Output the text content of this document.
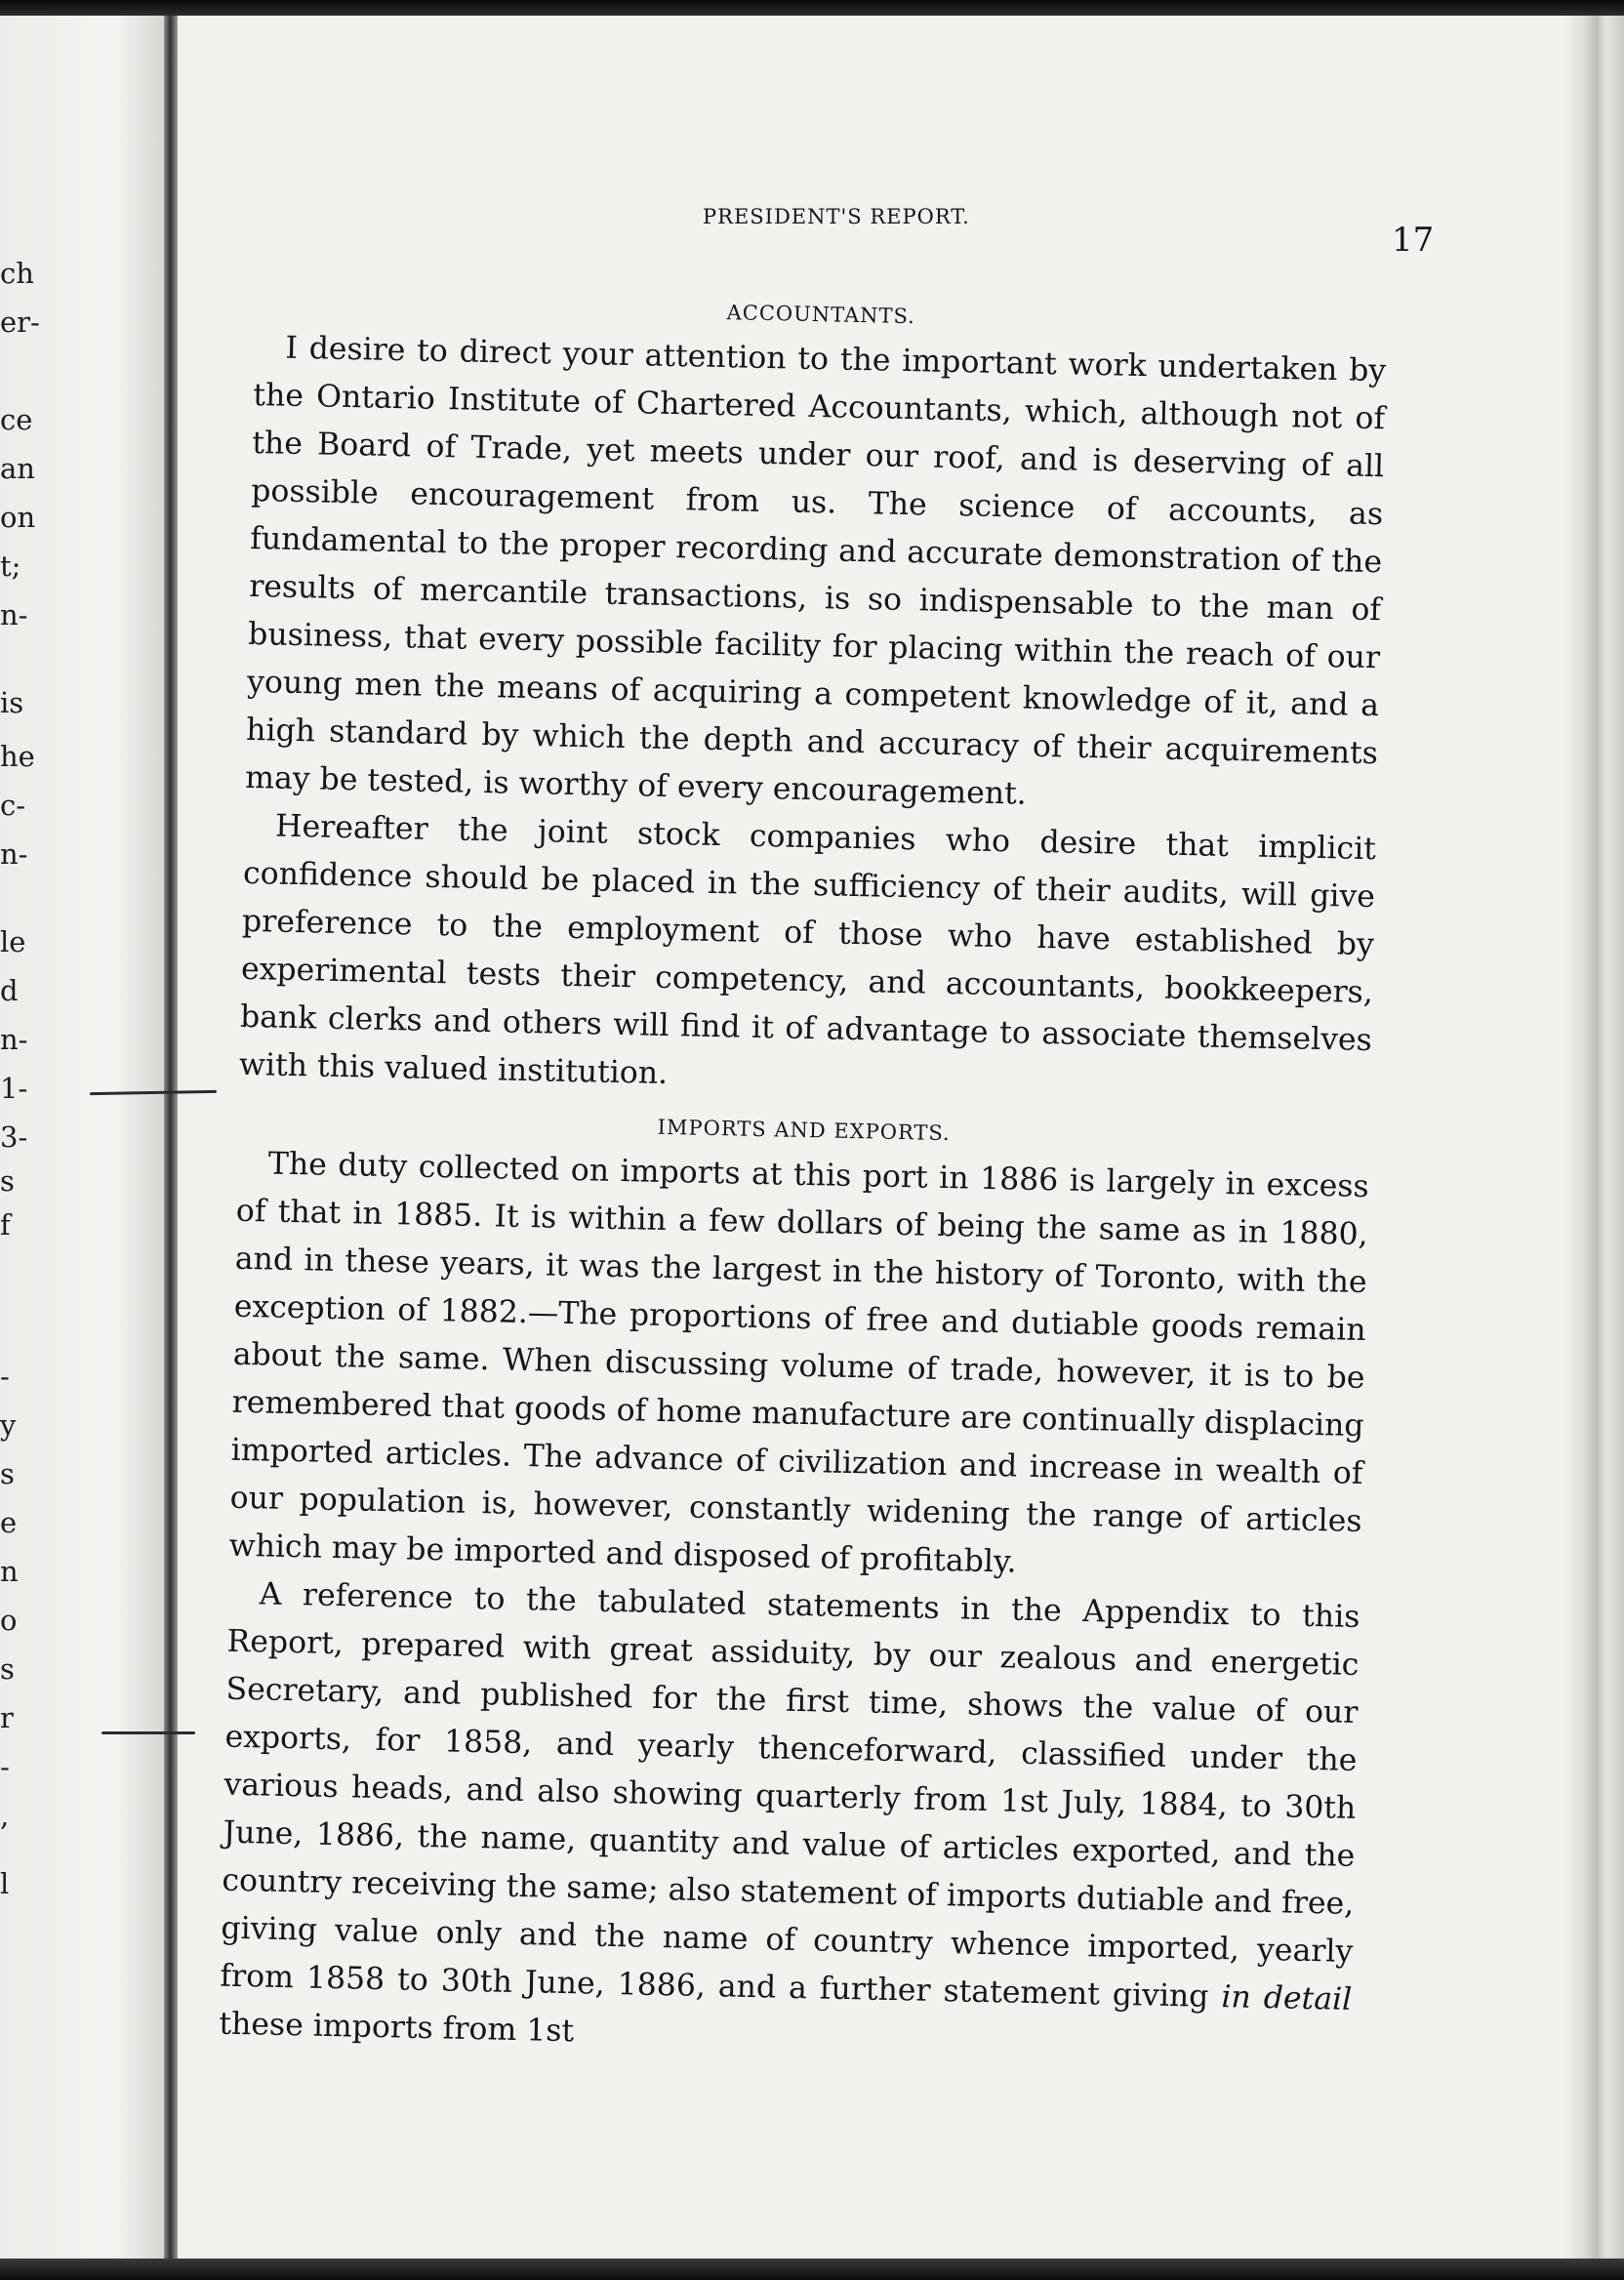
ch

er-

ce

an

on

t;

n-

is

he

c-

n-

le

d

n-

1-

3-

s

f

-

y

s

e

n

o

s

r

-

,

l

PRESIDENT'S REPORT.
17
ACCOUNTANTS.

I desire to direct your attention to the important work undertaken by the Ontario Institute of Chartered Accountants, which, although not of the Board of Trade, yet meets under our roof, and is deserving of all possible encouragement from us. The science of accounts, as fundamental to the proper recording and accurate demonstration of the results of mercantile transactions, is so indispensable to the man of business, that every possible facility for placing within the reach of our young men the means of acquiring a competent knowledge of it, and a high standard by which the depth and accuracy of their acquirements may be tested, is worthy of every encouragement.

Hereafter the joint stock companies who desire that implicit confidence should be placed in the sufficiency of their audits, will give preference to the employment of those who have established by experimental tests their competency, and accountants, bookkeepers, bank clerks and others will find it of advantage to associate themselves with this valued institution.

IMPORTS AND EXPORTS.

The duty collected on imports at this port in 1886 is largely in excess of that in 1885. It is within a few dollars of being the same as in 1880, and in these years, it was the largest in the history of Toronto, with the exception of 1882.—The proportions of free and dutiable goods remain about the same. When discussing volume of trade, however, it is to be remembered that goods of home manufacture are continually displacing imported articles. The advance of civilization and increase in wealth of our population is, however, constantly widening the range of articles which may be imported and disposed of profitably.

A reference to the tabulated statements in the Appendix to this Report, prepared with great assiduity, by our zealous and energetic Secretary, and published for the first time, shows the value of our exports, for 1858, and yearly thenceforward, classified under the various heads, and also showing quarterly from 1st July, 1884, to 30th June, 1886, the name, quantity and value of articles exported, and the country receiving the same; also statement of imports dutiable and free, giving value only and the name of country whence imported, yearly from 1858 to 30th June, 1886, and a further statement giving in detail these imports from 1st
